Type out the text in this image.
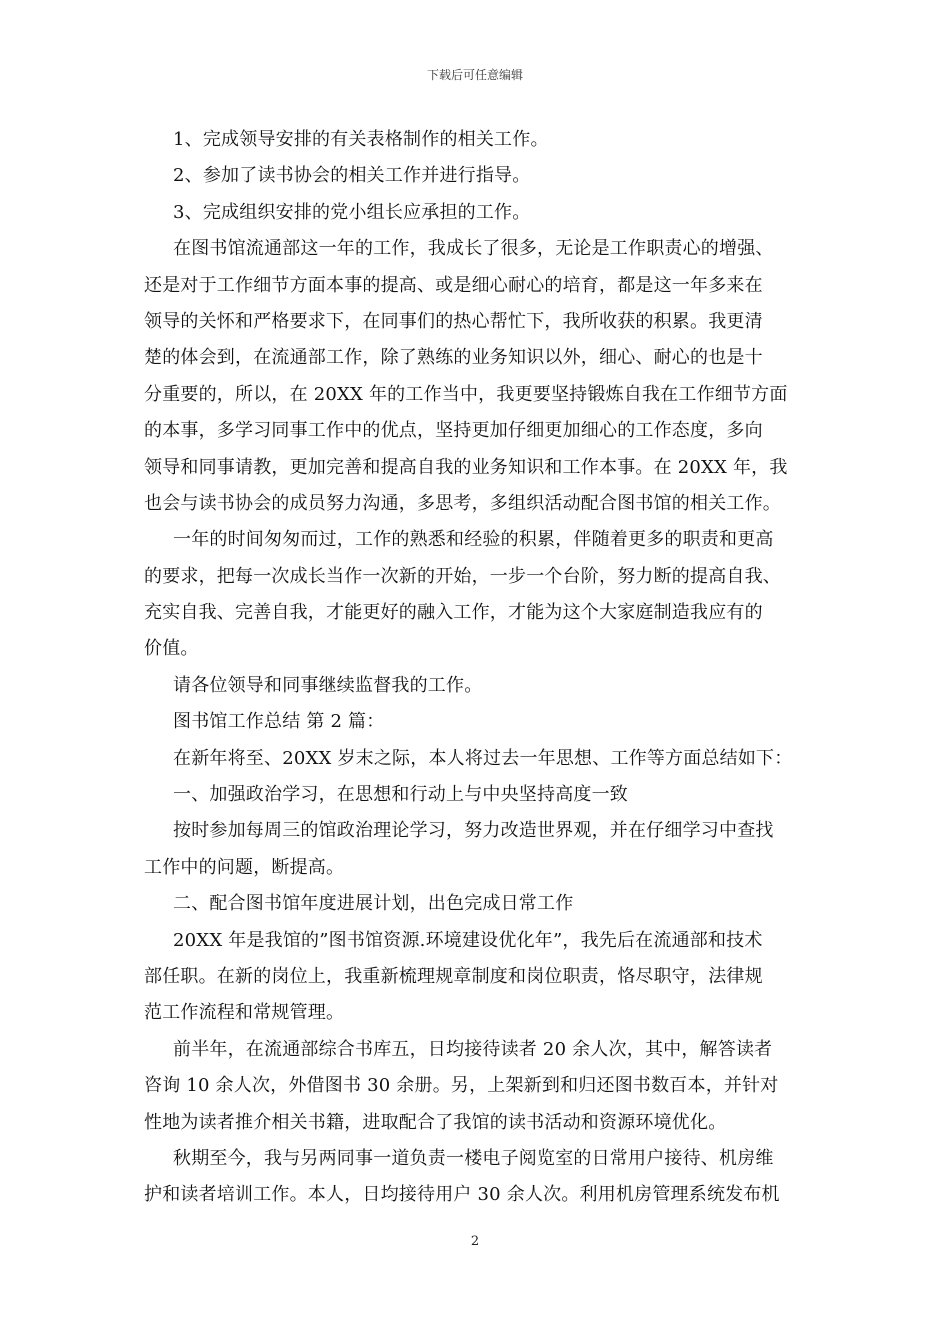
下载后可任意编辑
1、完成领导安排的有关表格制作的相关工作。
2、参加了读书协会的相关工作并进行指导。
3、完成组织安排的党小组长应承担的工作。
在图书馆流通部这一年的工作，我成长了很多，无论是工作职责心的增强、
还是对于工作细节方面本事的提高、或是细心耐心的培育，都是这一年多来在
领导的关怀和严格要求下，在同事们的热心帮忙下，我所收获的积累。我更清
楚的体会到，在流通部工作，除了熟练的业务知识以外，细心、耐心的也是十
分重要的，所以，在 20XX 年的工作当中，我更要坚持锻炼自我在工作细节方面
的本事，多学习同事工作中的优点，坚持更加仔细更加细心的工作态度，多向
领导和同事请教，更加完善和提高自我的业务知识和工作本事。在 20XX 年，我
也会与读书协会的成员努力沟通，多思考，多组织活动配合图书馆的相关工作。
一年的时间匆匆而过，工作的熟悉和经验的积累，伴随着更多的职责和更高
的要求，把每一次成长当作一次新的开始，一步一个台阶，努力断的提高自我、
充实自我、完善自我，才能更好的融入工作，才能为这个大家庭制造我应有的
价值。
请各位领导和同事继续监督我的工作。
图书馆工作总结 第 2 篇：
在新年将至、20XX 岁末之际，本人将过去一年思想、工作等方面总结如下：
一、加强政治学习，在思想和行动上与中央坚持高度一致
按时参加每周三的馆政治理论学习，努力改造世界观，并在仔细学习中查找
工作中的问题，断提高。
二、配合图书馆年度进展计划，出色完成日常工作
20XX 年是我馆的”图书馆资源.环境建设优化年”，我先后在流通部和技术
部任职。在新的岗位上，我重新梳理规章制度和岗位职责，恪尽职守，法律规
范工作流程和常规管理。
前半年，在流通部综合书库五，日均接待读者 20 余人次，其中，解答读者
咨询 10 余人次，外借图书 30 余册。另，上架新到和归还图书数百本，并针对
性地为读者推介相关书籍，进取配合了我馆的读书活动和资源环境优化。
秋期至今，我与另两同事一道负责一楼电子阅览室的日常用户接待、机房维
护和读者培训工作。本人，日均接待用户 30 余人次。利用机房管理系统发布机
2
